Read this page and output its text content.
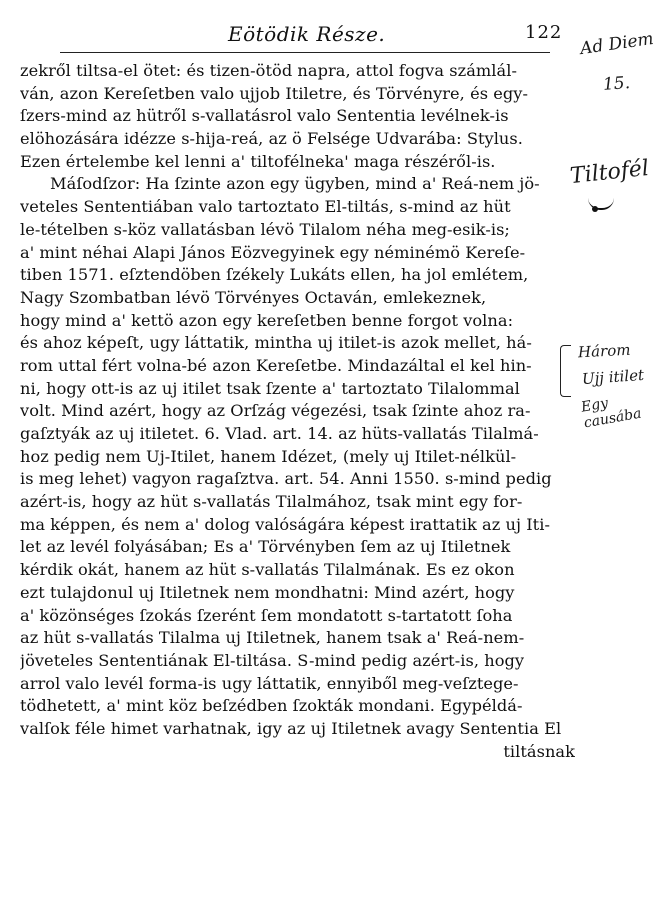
Eötödik Része.	122
zekről tiltsa-el ötet: és tizen-ötöd napra, attol fogva számlál-
ván, azon Kereſetben valo ujjob Itiletre, és Törvényre, és egy-
ſzers-mind az hütről s-vallatásrol valo Sententia levélnek-is
elöhozására idézze s-hija-reá, az ö Felsége Udvarába: Stylus.
Ezen értelembe kel lenni a' tiltofélneka' maga részéről-is.
Máſodſzor: Ha ſzinte azon egy ügyben, mind a' Reá-nem jö-
veteles Sententiában valo tartoztato El-tiltás, s-mind az hüt
le-tételben s-köz vallatásban lévö Tilalom néha meg-esik-is;
a' mint néhai Alapi János Eözvegyinek egy néminémö Kereſe-
tiben 1571. eſztendöben ſzékely Lukáts ellen, ha jol emlétem,
Nagy Szombatban lévö Törvényes Octaván, emlekeznek,
hogy mind a' kettö azon egy kereſetben benne forgot volna:
és ahoz képeſt, ugy láttatik, mintha uj itilet-is azok mellet, há-
rom uttal fért volna-bé azon Kereſetbe. Mindazáltal el kel hin-
ni, hogy ott-is az uj itilet tsak ſzente a' tartoztato Tilalommal
volt. Mind azért, hogy az Orſzág végezési, tsak ſzinte ahoz ra-
gaſztyák az uj itiletet. 6. Vlad. art. 14. az hüts-vallatás Tilalmá-
hoz pedig nem Uj-Itilet, hanem Idézet, (mely uj Itilet-nélkül-
is meg lehet) vagyon ragaſztva. art. 54. Anni 1550. s-mind pedig
azért-is, hogy az hüt s-vallatás Tilalmához, tsak mint egy for-
ma képpen, és nem a' dolog valóságára képest irattatik az uj Iti-
let az levél folyásában; Es a' Törvényben ſem az uj Itiletnek
kérdik okát, hanem az hüt s-vallatás Tilalmának. Es ez okon
ezt tulajdonul uj Itiletnek nem mondhatni: Mind azért, hogy
a' közönséges ſzokás ſzerént ſem mondatott s-tartatott ſoha
az hüt s-vallatás Tilalma uj Itiletnek, hanem tsak a' Reá-nem-
jöveteles Sententiának El-tiltása. S-mind pedig azért-is, hogy
arrol valo levél forma-is ugy láttatik, ennyiből meg-veſztege-
tödhetett, a' mint köz beſzédben ſzokták mondani. Egypéldá-
valſok féle himet varhatnak, igy az uj Itiletnek avagy Sententia El
tiltásnak
Ad Diem
15.
Tiltofél
Három
Ujj itilet
Egy causába
